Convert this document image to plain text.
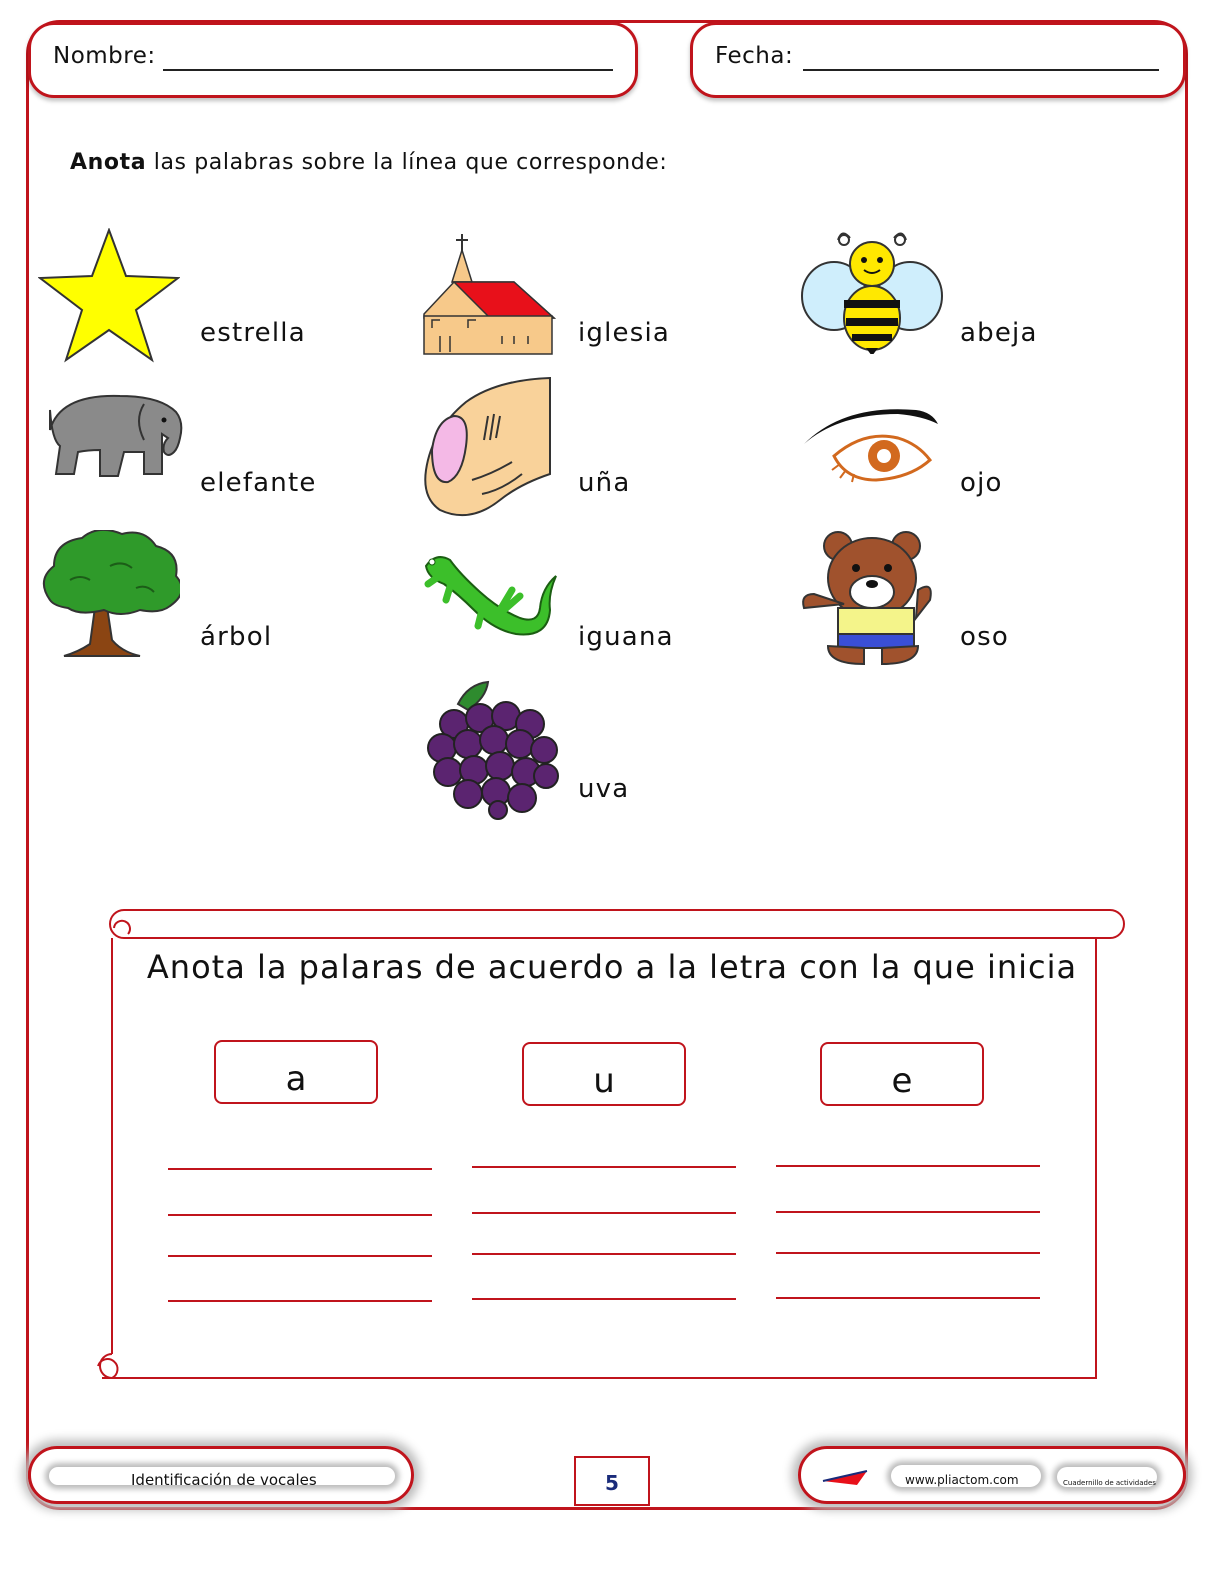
Nombre:	Fecha:
Anota las palabras sobre la línea que corresponde:
estrella	iglesia	abeja
elefante	uña	ojo
árbol	iguana	oso
uva
Anota la palaras de acuerdo a la letra con la que inicia
a	u	e
Identificación de vocales	5	www.pliactom.com	Cuadernillo de actividades
